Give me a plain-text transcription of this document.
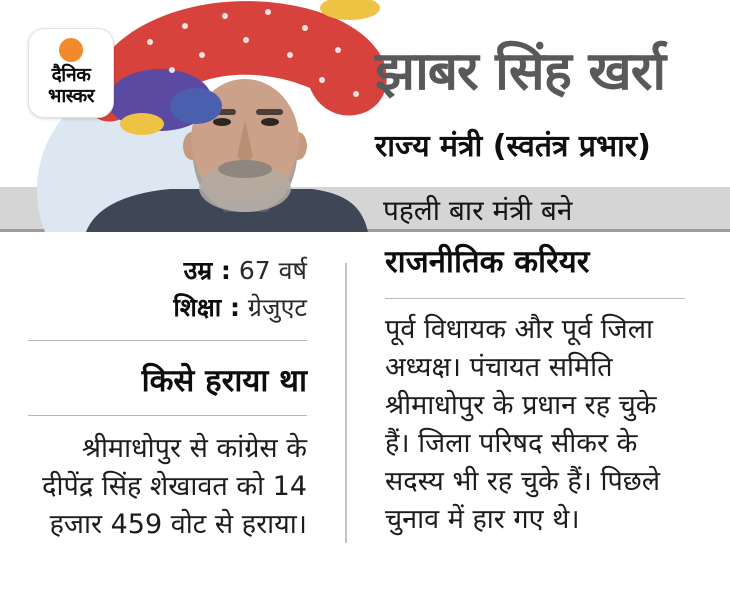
पहली बार मंत्री बने
दैनिक
भास्कर	झाबर सिंह खर्रा
राज्य मंत्री (स्वतंत्र प्रभार)
उम्र : 67 वर्ष
शिक्षा : ग्रेजुएट
किसे हराया था
श्रीमाधोपुर से कांग्रेस के दीपेंद्र सिंह शेखावत को 14 हजार 459 वोट से हराया।
राजनीतिक करियर
पूर्व विधायक और पूर्व जिला अध्यक्ष। पंचायत समिति श्रीमाधोपुर के प्रधान रह चुके हैं। जिला परिषद सीकर के सदस्य भी रह चुके हैं। पिछले चुनाव में हार गए थे।
